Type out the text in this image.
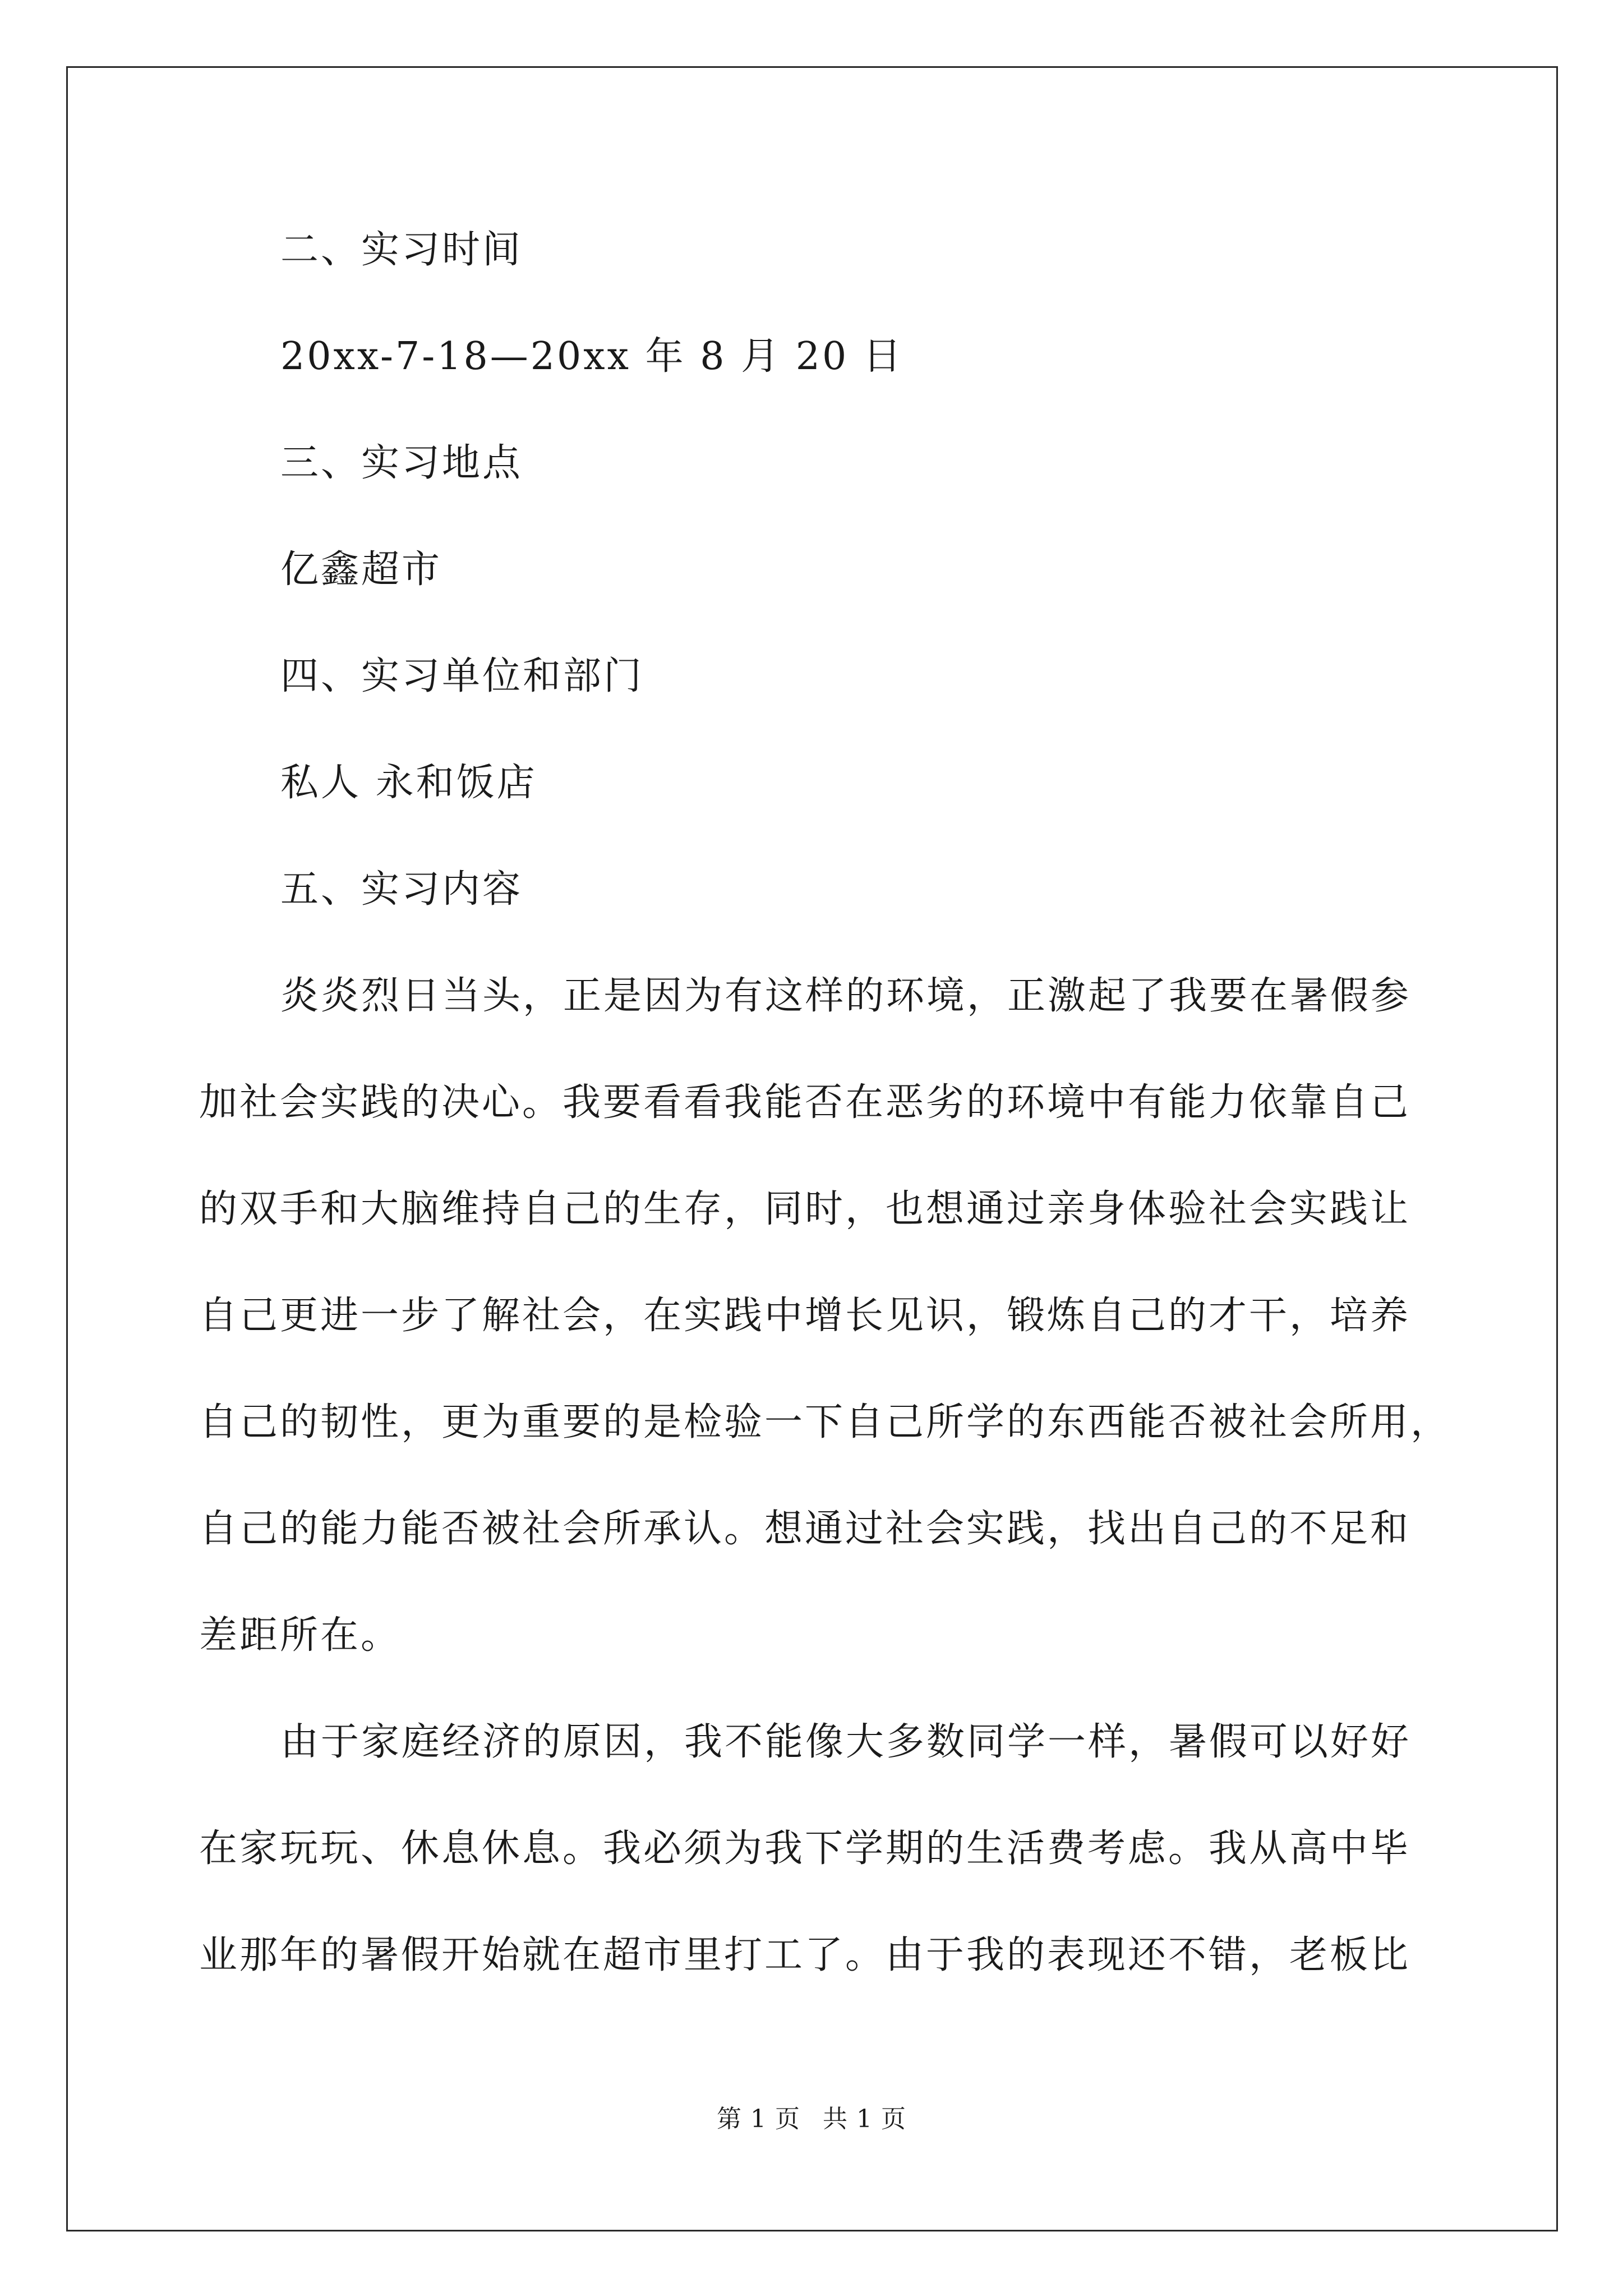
二、实习时间
20xx-7-18—20xx 年 8 月 20 日
三、实习地点
亿鑫超市
四、实习单位和部门
私人 永和饭店
五、实习内容
炎炎烈日当头，正是因为有这样的环境，正激起了我要在暑假参
加社会实践的决心。我要看看我能否在恶劣的环境中有能力依靠自己
的双手和大脑维持自己的生存，同时，也想通过亲身体验社会实践让
自己更进一步了解社会，在实践中增长见识，锻炼自己的才干，培养
自己的韧性，更为重要的是检验一下自己所学的东西能否被社会所用，
自己的能力能否被社会所承认。想通过社会实践，找出自己的不足和
差距所在。
由于家庭经济的原因，我不能像大多数同学一样，暑假可以好好
在家玩玩、休息休息。我必须为我下学期的生活费考虑。我从高中毕
业那年的暑假开始就在超市里打工了。由于我的表现还不错，老板比
第 1 页 共 1 页
